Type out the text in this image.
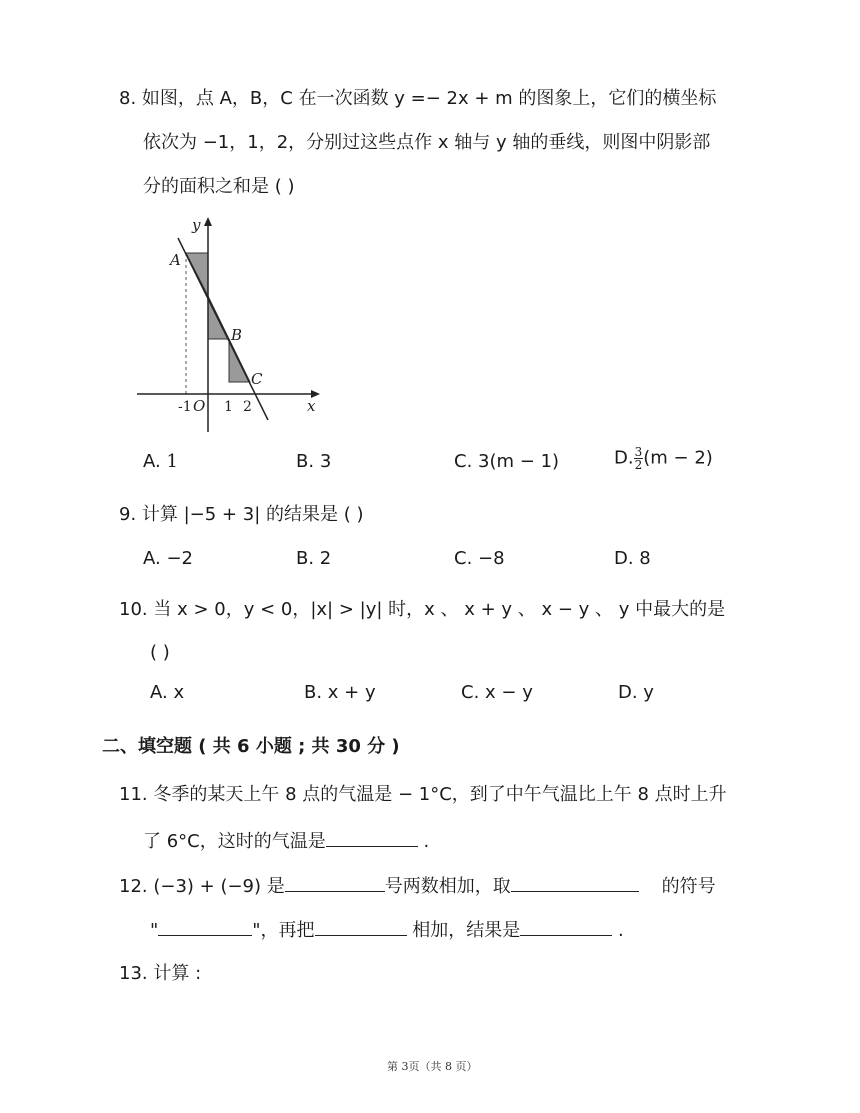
8. 如图，点 A，B，C 在一次函数 y =− 2x + m 的图象上，它们的横坐标
依次为 −1，1，2，分别过这些点作 x 轴与 y 轴的垂线，则图中阴影部
分的面积之和是 ( )
y
x
A
B
C
-1 O 1 2
A. 1	B. 3	C. 3(m − 1)	D. $\frac{3}{2} (m - 2)$
9. 计算 |−5 + 3| 的结果是 ( )
A. −2	B. 2	C. −8	D. 8
10. 当 x > 0，y < 0，|x| > |y| 时，x 、 x + y 、 x − y 、 y 中最大的是
( )
A. x	B. x + y	C. x − y	D. y
二、填空题 ( 共 6 小题 ; 共 30 分 )
11. 冬季的某天上午 8 点的气温是 − 1°C，到了中午气温比上午 8 点时上升
了 6°C，这时的气温是	.
12. (−3) + (−9) 是	号两数相加，取	的符号
"	"，再把	相加，结果是	.
13. 计算 :
第 3页（共 8 页）
